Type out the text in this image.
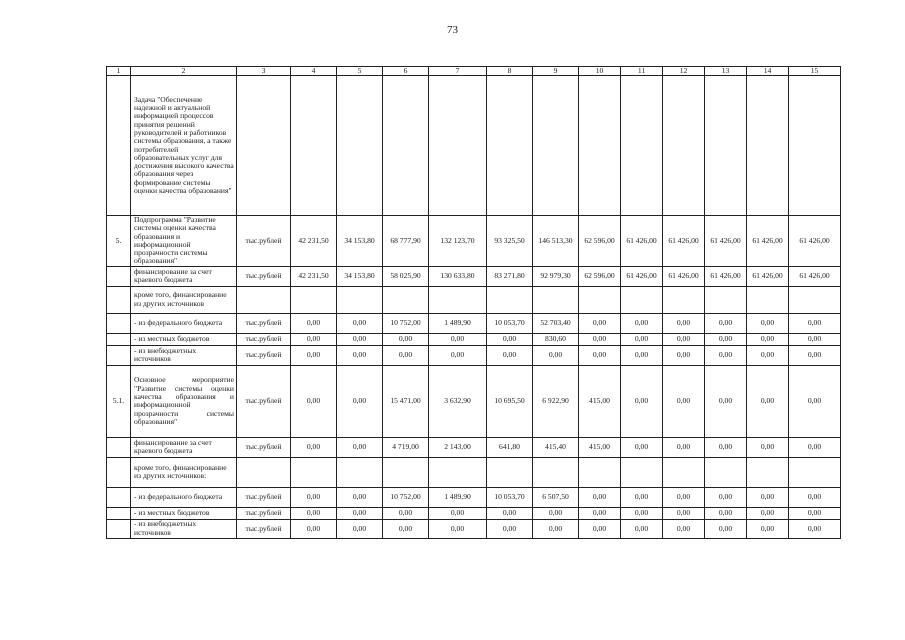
73
1	2	3	4	5	6	7	8	9	10	11	12	13	14	15
	Задача "Обеспечение надежной и актуальной информацией процессов принятия решений руководителей и работников системы образования, а также потребителей образовательных услуг для достижения высокого качества образования через формирование системы оценки качества образования"													
5.	Подпрограмма "Развитие системы оценки качества образования и информационной прозрачности системы образования"	тыс.рублей	42 231,50	34 153,80	68 777,90	132 123,70	93 325,50	146 513,30	62 596,00	61 426,00	61 426,00	61 426,00	61 426,00	61 426,00
	финансирование за счет краевого бюджета	тыс.рублей	42 231,50	34 153,80	58 025,90	130 633,80	83 271,80	92 979,30	62 596,00	61 426,00	61 426,00	61 426,00	61 426,00	61 426,00
	кроме того, финансирование из других источников													
	- из федерального бюджета	тыс.рублей	0,00	0,00	10 752,00	1 489,90	10 053,70	52 703,40	0,00	0,00	0,00	0,00	0,00	0,00
	- из местных бюджетов	тыс.рублей	0,00	0,00	0,00	0,00	0,00	830,60	0,00	0,00	0,00	0,00	0,00	0,00
	- из внебюджетных источников	тыс.рублей	0,00	0,00	0,00	0,00	0,00	0,00	0,00	0,00	0,00	0,00	0,00	0,00
5.1.	Основное мероприятие "Развитие системы оценки качества образования и информационной прозрачности системы образования"	тыс.рублей	0,00	0,00	15 471,00	3 632,90	10 695,50	6 922,90	415,00	0,00	0,00	0,00	0,00	0,00
	финансирование за счет краевого бюджета	тыс.рублей	0,00	0,00	4 719,00	2 143,00	641,80	415,40	415,00	0,00	0,00	0,00	0,00	0,00
	кроме того, финансирование из других источников:													
	- из федерального бюджета	тыс.рублей	0,00	0,00	10 752,00	1 489,90	10 053,70	6 507,50	0,00	0,00	0,00	0,00	0,00	0,00
	- из местных бюджетов	тыс.рублей	0,00	0,00	0,00	0,00	0,00	0,00	0,00	0,00	0,00	0,00	0,00	0,00
	- из внебюджетных источников	тыс.рублей	0,00	0,00	0,00	0,00	0,00	0,00	0,00	0,00	0,00	0,00	0,00	0,00
